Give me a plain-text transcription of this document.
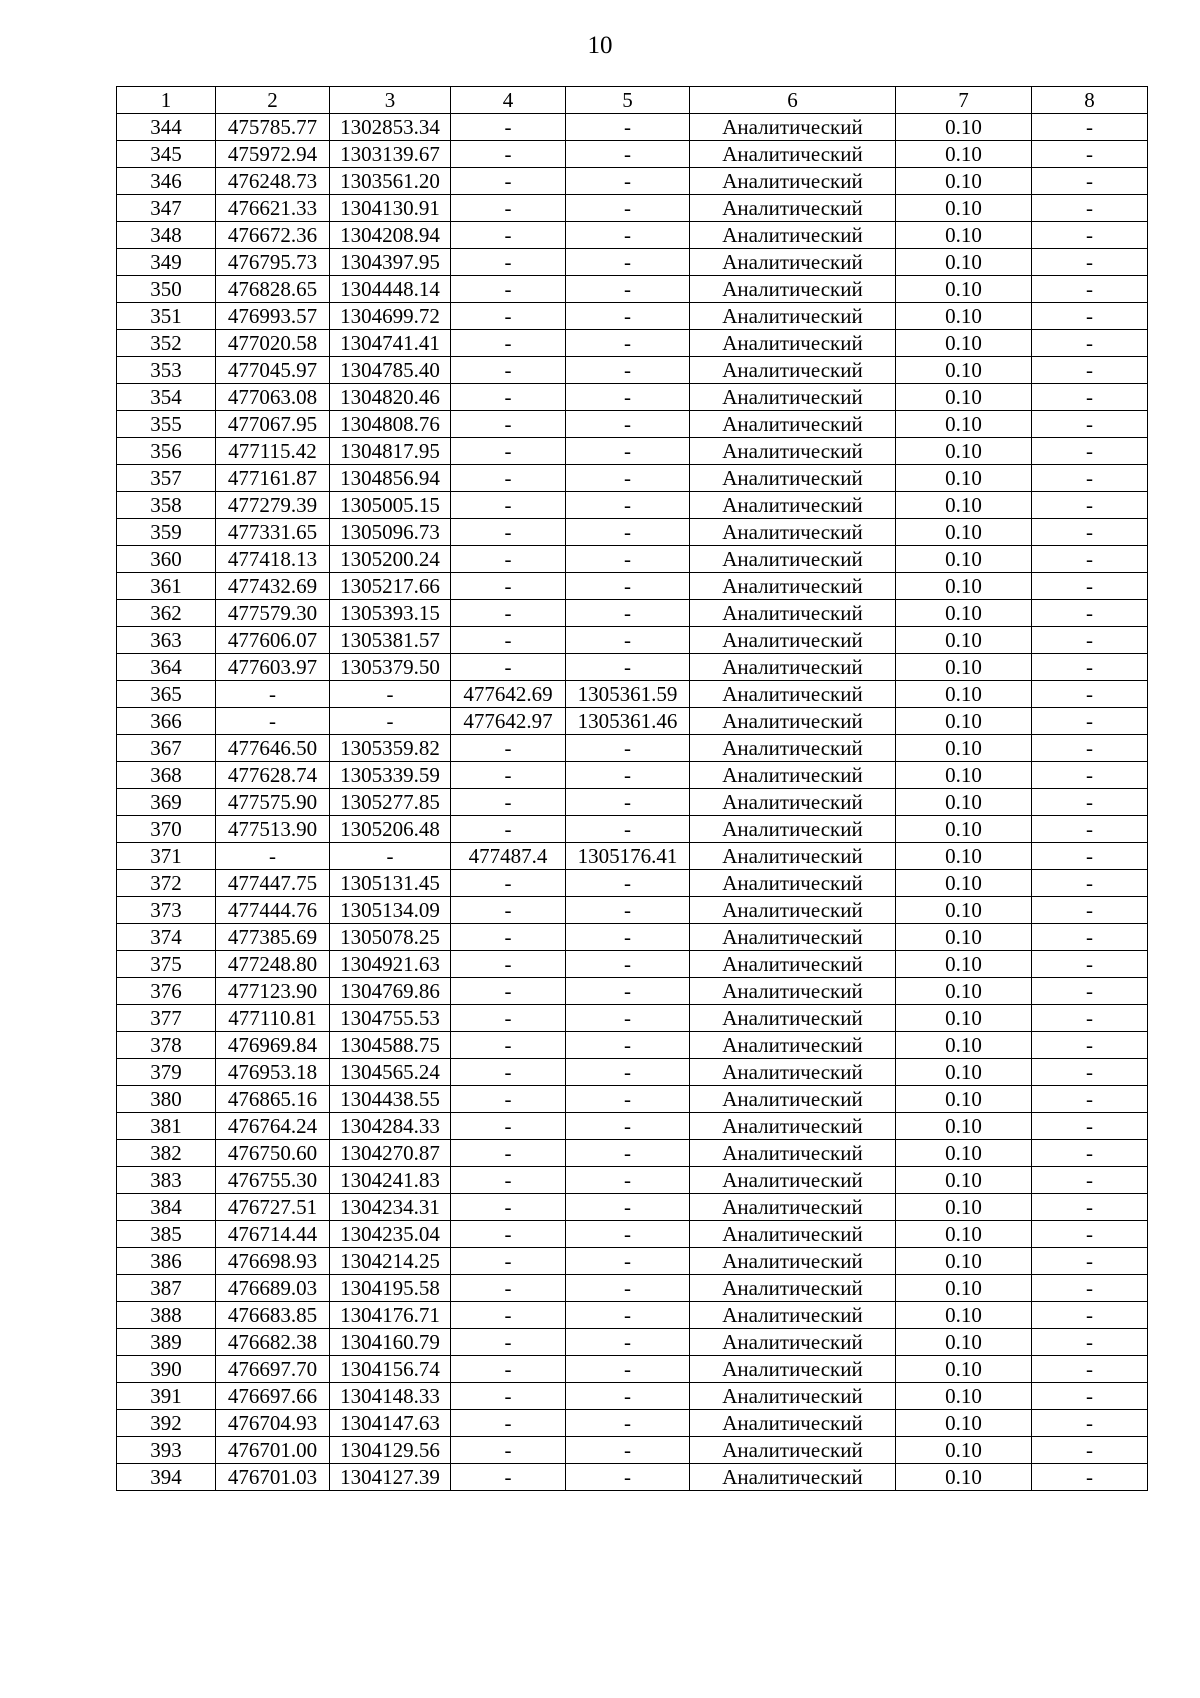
10
1	2	3	4	5	6	7	8
344	475785.77	1302853.34	-	-	Аналитический	0.10	-
345	475972.94	1303139.67	-	-	Аналитический	0.10	-
346	476248.73	1303561.20	-	-	Аналитический	0.10	-
347	476621.33	1304130.91	-	-	Аналитический	0.10	-
348	476672.36	1304208.94	-	-	Аналитический	0.10	-
349	476795.73	1304397.95	-	-	Аналитический	0.10	-
350	476828.65	1304448.14	-	-	Аналитический	0.10	-
351	476993.57	1304699.72	-	-	Аналитический	0.10	-
352	477020.58	1304741.41	-	-	Аналитический	0.10	-
353	477045.97	1304785.40	-	-	Аналитический	0.10	-
354	477063.08	1304820.46	-	-	Аналитический	0.10	-
355	477067.95	1304808.76	-	-	Аналитический	0.10	-
356	477115.42	1304817.95	-	-	Аналитический	0.10	-
357	477161.87	1304856.94	-	-	Аналитический	0.10	-
358	477279.39	1305005.15	-	-	Аналитический	0.10	-
359	477331.65	1305096.73	-	-	Аналитический	0.10	-
360	477418.13	1305200.24	-	-	Аналитический	0.10	-
361	477432.69	1305217.66	-	-	Аналитический	0.10	-
362	477579.30	1305393.15	-	-	Аналитический	0.10	-
363	477606.07	1305381.57	-	-	Аналитический	0.10	-
364	477603.97	1305379.50	-	-	Аналитический	0.10	-
365	-	-	477642.69	1305361.59	Аналитический	0.10	-
366	-	-	477642.97	1305361.46	Аналитический	0.10	-
367	477646.50	1305359.82	-	-	Аналитический	0.10	-
368	477628.74	1305339.59	-	-	Аналитический	0.10	-
369	477575.90	1305277.85	-	-	Аналитический	0.10	-
370	477513.90	1305206.48	-	-	Аналитический	0.10	-
371	-	-	477487.4	1305176.41	Аналитический	0.10	-
372	477447.75	1305131.45	-	-	Аналитический	0.10	-
373	477444.76	1305134.09	-	-	Аналитический	0.10	-
374	477385.69	1305078.25	-	-	Аналитический	0.10	-
375	477248.80	1304921.63	-	-	Аналитический	0.10	-
376	477123.90	1304769.86	-	-	Аналитический	0.10	-
377	477110.81	1304755.53	-	-	Аналитический	0.10	-
378	476969.84	1304588.75	-	-	Аналитический	0.10	-
379	476953.18	1304565.24	-	-	Аналитический	0.10	-
380	476865.16	1304438.55	-	-	Аналитический	0.10	-
381	476764.24	1304284.33	-	-	Аналитический	0.10	-
382	476750.60	1304270.87	-	-	Аналитический	0.10	-
383	476755.30	1304241.83	-	-	Аналитический	0.10	-
384	476727.51	1304234.31	-	-	Аналитический	0.10	-
385	476714.44	1304235.04	-	-	Аналитический	0.10	-
386	476698.93	1304214.25	-	-	Аналитический	0.10	-
387	476689.03	1304195.58	-	-	Аналитический	0.10	-
388	476683.85	1304176.71	-	-	Аналитический	0.10	-
389	476682.38	1304160.79	-	-	Аналитический	0.10	-
390	476697.70	1304156.74	-	-	Аналитический	0.10	-
391	476697.66	1304148.33	-	-	Аналитический	0.10	-
392	476704.93	1304147.63	-	-	Аналитический	0.10	-
393	476701.00	1304129.56	-	-	Аналитический	0.10	-
394	476701.03	1304127.39	-	-	Аналитический	0.10	-
